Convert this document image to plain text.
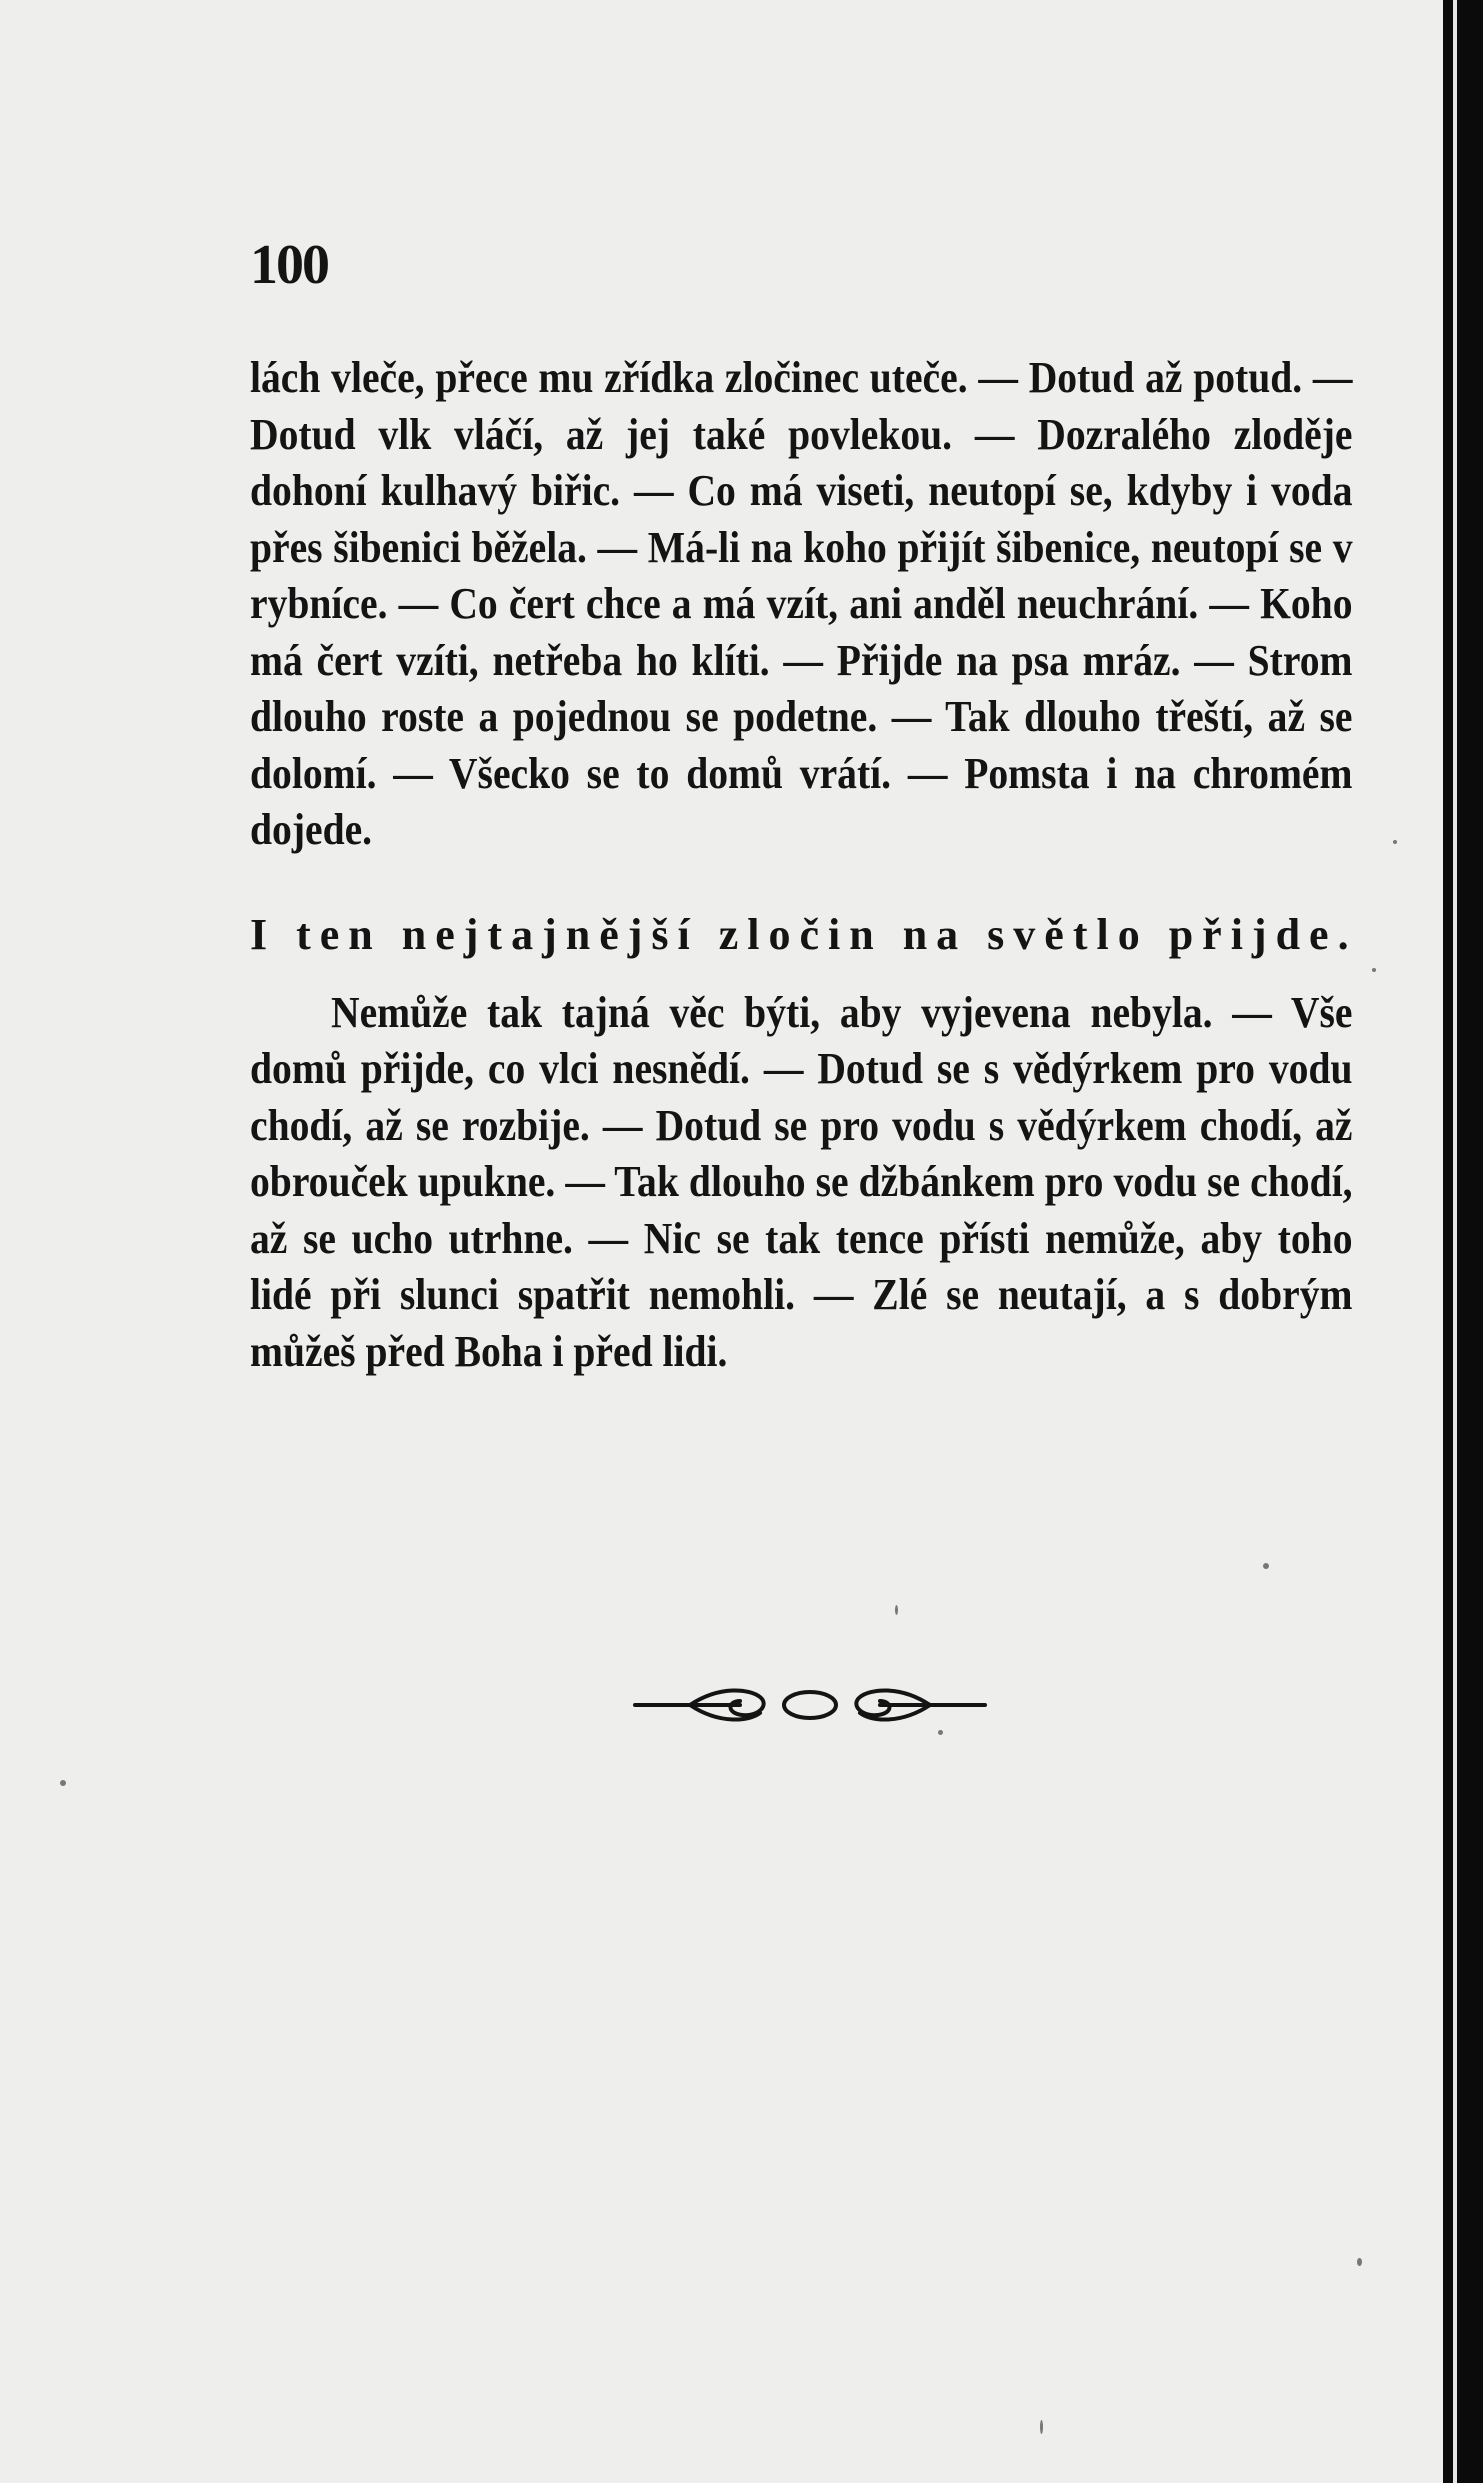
100

lách vleče, přece mu zřídka zločinec uteče. — Dotud až potud. — Dotud vlk vláčí, až jej také povlekou. — Dozralého zloděje dohoní kulhavý biřic. — Co má viseti, neutopí se, kdyby i voda přes šibenici běžela. — Má-li na koho přijít šibenice, neutopí se v rybníce. — Co čert chce a má vzít, ani anděl neuchrání. — Koho má čert vzíti, netřeba ho klíti. — Přijde na psa mráz. — Strom dlouho roste a pojednou se podetne. — Tak dlouho třeští, až se dolomí. — Všecko se to domů vrátí. — Pomsta i na chromém dojede.

I ten nejtajnější zločin na světlo přijde.

Nemůže tak tajná věc býti, aby vyjevena nebyla. — Vše domů přijde, co vlci nesnědí. — Dotud se s vědýrkem pro vodu chodí, až se rozbije. — Dotud se pro vodu s vědýrkem chodí, až obrouček upukne. — Tak dlouho se džbánkem pro vodu se chodí, až se ucho utrhne. — Nic se tak tence přísti nemůže, aby toho lidé při slunci spatřit nemohli. — Zlé se neutají, a s dobrým můžeš před Boha i před lidi.
